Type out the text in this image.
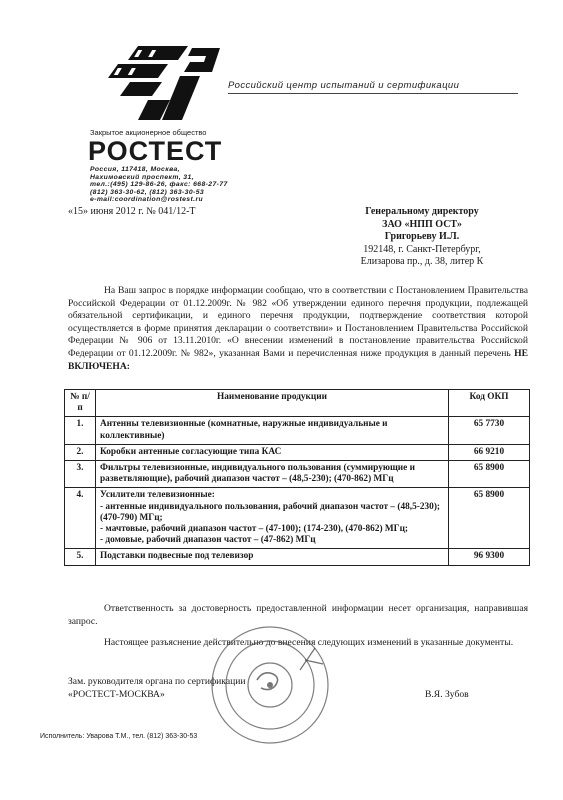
Российский центр испытаний и сертификации
Закрытое акционерное общество
РОСТЕСТ
Россия, 117418, Москва,
Нахимовский проспект, 31,
тел.:(495) 129-86-26, факс: 668-27-77
(812) 363-30-62, (812) 363-30-53
e-mail:coordination@rostest.ru
«15» июня 2012 г. № 041/12-Т	Генеральному директору
ЗАО «НПП ОСТ»
Григорьеву И.Л.
192148, г. Санкт-Петербург,
Елизарова пр., д. 38, литер К
На Ваш запрос в порядке информации сообщаю, что в соответствии с Постановлением Правительства Российской Федерации от 01.12.2009г. № 982 «Об утверждении единого перечня продукции, подлежащей обязательной сертификации, и единого перечня продукции, подтверждение соответствия которой осуществляется в форме принятия декларации о соответствии» и Постановлением Правительства Российской Федерации № 906 от 13.11.2010г. «О внесении изменений в постановление правительства Российской Федерации от 01.12.2009г. № 982», указанная Вами и перечисленная ниже продукция в данный перечень НЕ ВКЛЮЧЕНА:
№ п/п	Наименование продукции	Код ОКП
1.	Антенны телевизионные (комнатные, наружные индивидуальные и коллективные)	65 7730
2.	Коробки антенные согласующие типа КАС	66 9210
3.	Фильтры телевизионные, индивидуального пользования (суммирующие и разветвляющие), рабочий диапазон частот – (48,5-230); (470-862) МГц	65 8900
4.	Усилители телевизионные:
- антенные индивидуального пользования, рабочий диапазон частот – (48,5-230); (470-790) МГц;
- мачтовые, рабочий диапазон частот – (47-100); (174-230), (470-862) МГц;
- домовые, рабочий диапазон частот – (47-862) МГц	65 8900
5.	Подставки подвесные под телевизор	96 9300
Ответственность за достоверность предоставленной информации несет организация, направившая запрос.
Настоящее разъяснение действительно до внесения следующих изменений в указанные документы.
Зам. руководителя органа по сертификации
«РОСТЕСТ-МОСКВА»	В.Я. Зубов
Исполнитель: Уварова Т.М., тел. (812) 363-30-53
